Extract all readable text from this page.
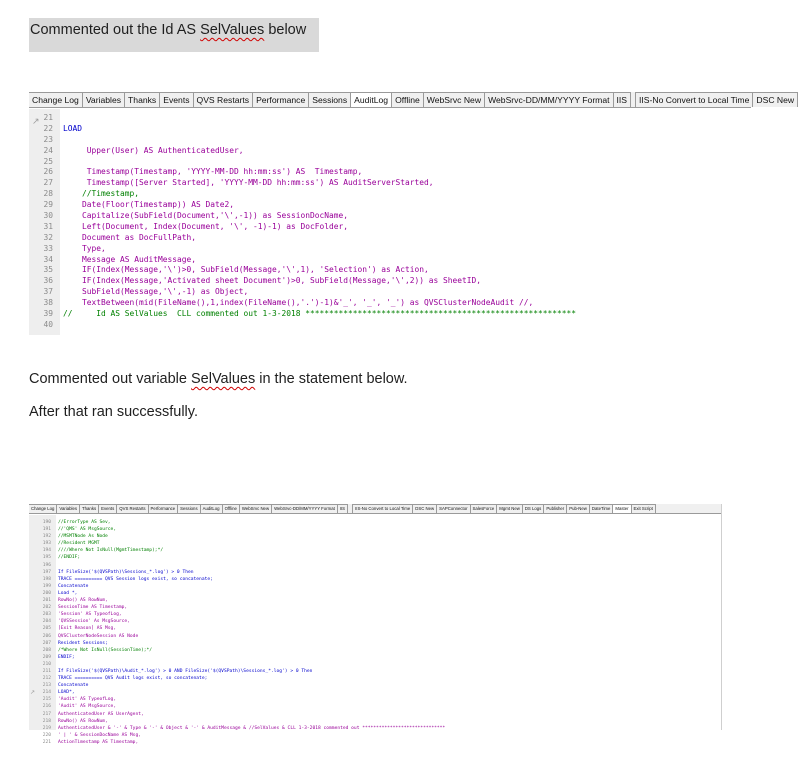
Commented out the Id AS SelValues below
Change Log Variables Thanks Events QVS Restarts Performance Sessions AuditLog Offline WebSrvc New WebSrvc-DD/MM/YYYY Format IIS	IIS-No Convert to Local Time DSC New
↗ 21
22	LOAD
23
24	Upper(User) AS AuthenticatedUser,
25
26	Timestamp(Timestamp, 'YYYY-MM-DD hh:mm:ss') AS  Timestamp,
27	Timestamp([Server Started], 'YYYY-MM-DD hh:mm:ss') AS AuditServerStarted,
28	//Timestamp,
29	Date(Floor(Timestamp)) AS Date2,
30	Capitalize(SubField(Document,'\',-1)) as SessionDocName,
31	Left(Document, Index(Document, '\', -1)-1) as DocFolder,
32	Document as DocFullPath,
33	Type,
34	Message AS AuditMessage,
35	IF(Index(Message,'\')>0, SubField(Message,'\',1), 'Selection') as Action,
36	IF(Index(Message,'Activated sheet Document')>0, SubField(Message,'\',2)) as SheetID,
37	SubField(Message,'\',-1) as Object,
38	TextBetween(mid(FileName(),1,index(FileName(),'.')-1)&'_', '_', '_') as QVSClusterNodeAudit //,
39	//     Id AS SelValues  CLL commented out 1-3-2018 *********************************************************
40
Commented out variable SelValues in the statement below.
After that ran successfully.
Change Log	Variables	Thanks	Events	QVS Restarts	Performance	Sessions	AuditLog	Offline	WebSrvc New	WebSrvc-DD/MM/YYYY Format	IIS	IIS-No Convert to Local Time	DSC New	SAPConnector	SalesForce	Mgmt New	DS Logs	Publisher	Pub-New	DateTime	Master	Exit Script
↗
190	//ErrorType AS Sev,
191	//'QMS' AS MsgSource,
192	//MSMTNode As Node
193	//Resident MGMT
194	////Where Not IsNull(MgmtTimestamp);*/
195	//ENDIF;
196
197	If FileSize('$(QVSPath)\Sessions_*.log') > 0 Then
198	TRACE ========== QVS Session logs exist, so concatenate;
199	Concatenate
200	Load *,
201	RowNo() AS RowNum,
202	SessionTime AS Timestamp,
203	'Session' AS TypeofLog,
204	'QVSSession' As MsgSource,
205	[Exit Reason] AS Msg,
206	QVSClusterNodeSession AS Node
207	Resident Sessions;
208	/*Where Not IsNull(SessionTime);*/
209	ENDIF;
210
211	If FileSize('$(QVSPath)\Audit_*.log') > 0 AND FileSize('$(QVSPath)\Sessions_*.log') > 0 Then
212	TRACE ========== QVS Audit logs exist, so concatenate;
213	Concatenate
214	LOAD*,
215	'Audit' AS TypeofLog,
216	'Audit' AS MsgSource,
217	AuthenticatedUser AS UserAgent,
218	RowNo() AS RowNum,
219	AuthenticatedUser & '-' & Type & '-' & Object & '-' & AuditMessage & //SelValues & CLL 1-3-2018 commented out ******************************
220	' | ' & SessionDocName AS Msg,
221	ActionTimestamp AS Timestamp,
